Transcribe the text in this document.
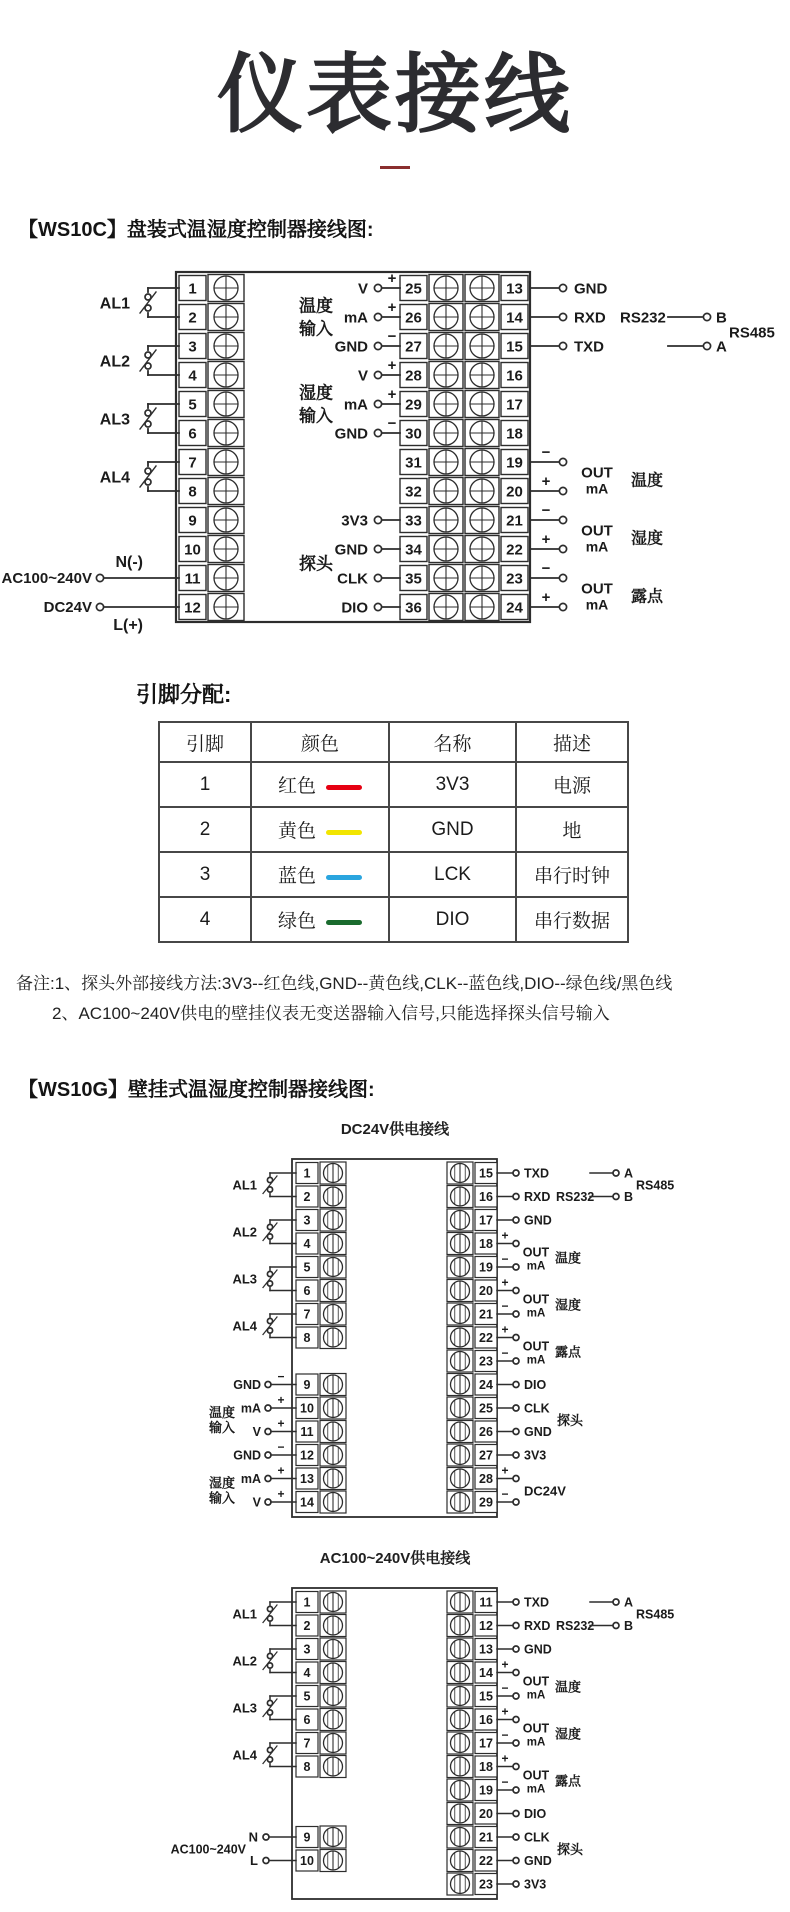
仪表接线
【WS10C】盘装式温湿度控制器接线图:
1
2
3
4
5
6
7
8
9
10
11
12
25
26
27
28
29
30
31
32
33
34
35
36
13
14
15
16
17
18
19
20
21
22
23
24
AL1
AL2
AL3
AL4
N(-)
AC100~240V
L(+)
DC24V
V
+
mA
+
GND
−
V
+
mA
+
GND
−
3V3
GND
CLK
DIO
温度
输入
湿度
输入
探头
GND
RXD RS232
TXD
−
+
−
+
−
+
OUT
mA 温度
OUT
mA 湿度
OUT
mA 露点
B
A
RS485
引脚分配:
引脚	颜色	名称	描述
1	红色	3V3	电源
2	黄色	GND	地
3	蓝色	LCK	串行时钟
4	绿色	DIO	串行数据
备注:1、探头外部接线方法:3V3--红色线,GND--黄色线,CLK--蓝色线,DIO--绿色线/黑色线
2、AC100~240V供电的壁挂仪表无变送器输入信号,只能选择探头信号输入
【WS10G】壁挂式温湿度控制器接线图:
DC24V供电接线
1
2
3
4
5
6
7
8
9
10
11
12
13
14
15
16
17
18
19
20
21
22
23
24
25
26
27
28
29
AL1
AL2
AL3
AL4
GND
−
mA
+
V
+
GND
−
mA
+
V
+
温度
输入
湿度
输入
TXD
RXD RS232
GND
+
−
+
−
+
−
DIO
CLK
GND
3V3
+
−
OUT
mA
温度
OUT
mA
湿度
OUT
mA
露点
探头
DC24V
A
B
RS485
AC100~240V供电接线
1
2
3
4
5
6
7
8
9
10
11
12
13
14
15
16
17
18
19
20
21
22
23
AL1
AL2
AL3
AL4
N
L
AC100~240V
TXD
RXD RS232
GND
+
−
+
−
+
−
DIO
CLK
GND
3V3
OUT
mA
温度
OUT
mA
湿度
OUT
mA
露点
探头
A
B
RS485
